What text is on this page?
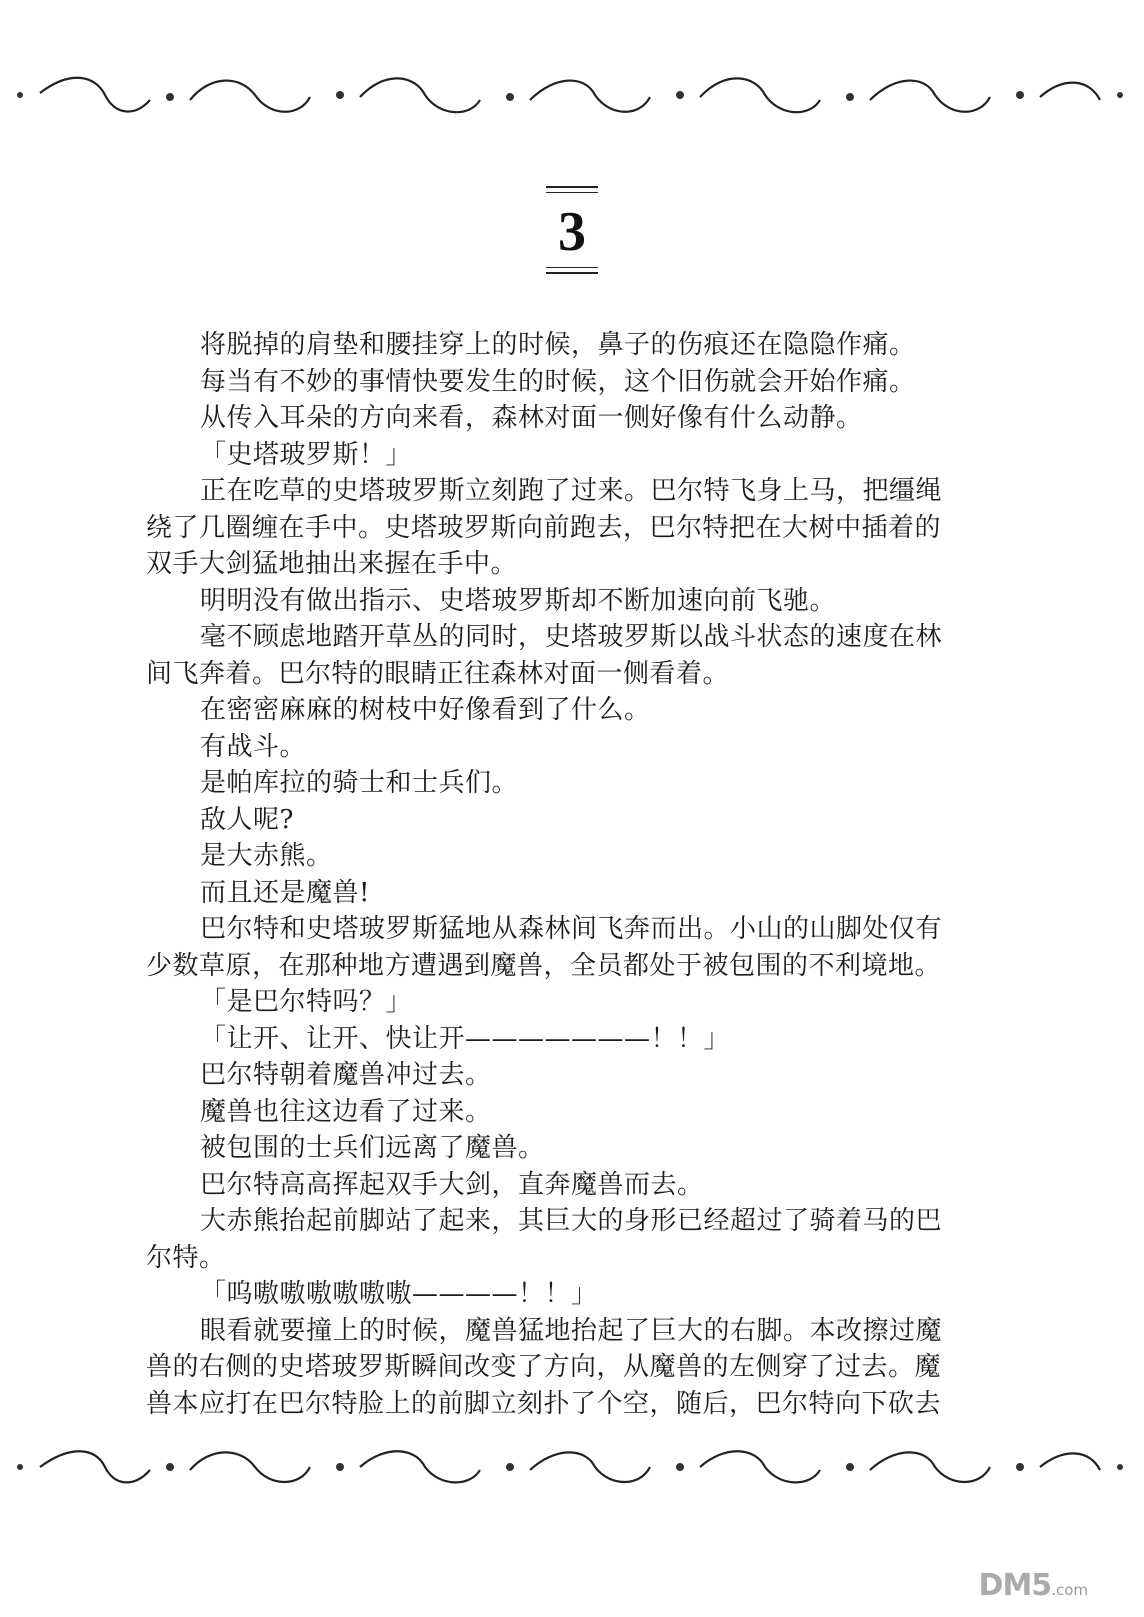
3

将脱掉的肩垫和腰挂穿上的时候，鼻子的伤痕还在隐隐作痛。

每当有不妙的事情快要发生的时候，这个旧伤就会开始作痛。

从传入耳朵的方向来看，森林对面一侧好像有什么动静。

「史塔玻罗斯！」

正在吃草的史塔玻罗斯立刻跑了过来。巴尔特飞身上马，把缰绳绕了几圈缠在手中。史塔玻罗斯向前跑去，巴尔特把在大树中插着的双手大剑猛地抽出来握在手中。

明明没有做出指示、史塔玻罗斯却不断加速向前飞驰。

毫不顾虑地踏开草丛的同时，史塔玻罗斯以战斗状态的速度在林间飞奔着。巴尔特的眼睛正往森林对面一侧看着。

在密密麻麻的树枝中好像看到了什么。

有战斗。

是帕库拉的骑士和士兵们。

敌人呢?

是大赤熊。

而且还是魔兽!

巴尔特和史塔玻罗斯猛地从森林间飞奔而出。小山的山脚处仅有少数草原，在那种地方遭遇到魔兽，全员都处于被包围的不利境地。

「是巴尔特吗？」

「让开、让开、快让开———————！！」

巴尔特朝着魔兽冲过去。

魔兽也往这边看了过来。

被包围的士兵们远离了魔兽。

巴尔特高高挥起双手大剑，直奔魔兽而去。

大赤熊抬起前脚站了起来，其巨大的身形已经超过了骑着马的巴尔特。

「呜嗷嗷嗷嗷嗷嗷————！！」

眼看就要撞上的时候，魔兽猛地抬起了巨大的右脚。本改擦过魔兽的右侧的史塔玻罗斯瞬间改变了方向，从魔兽的左侧穿了过去。魔兽本应打在巴尔特脸上的前脚立刻扑了个空，随后，巴尔特向下砍去

DM5.com
